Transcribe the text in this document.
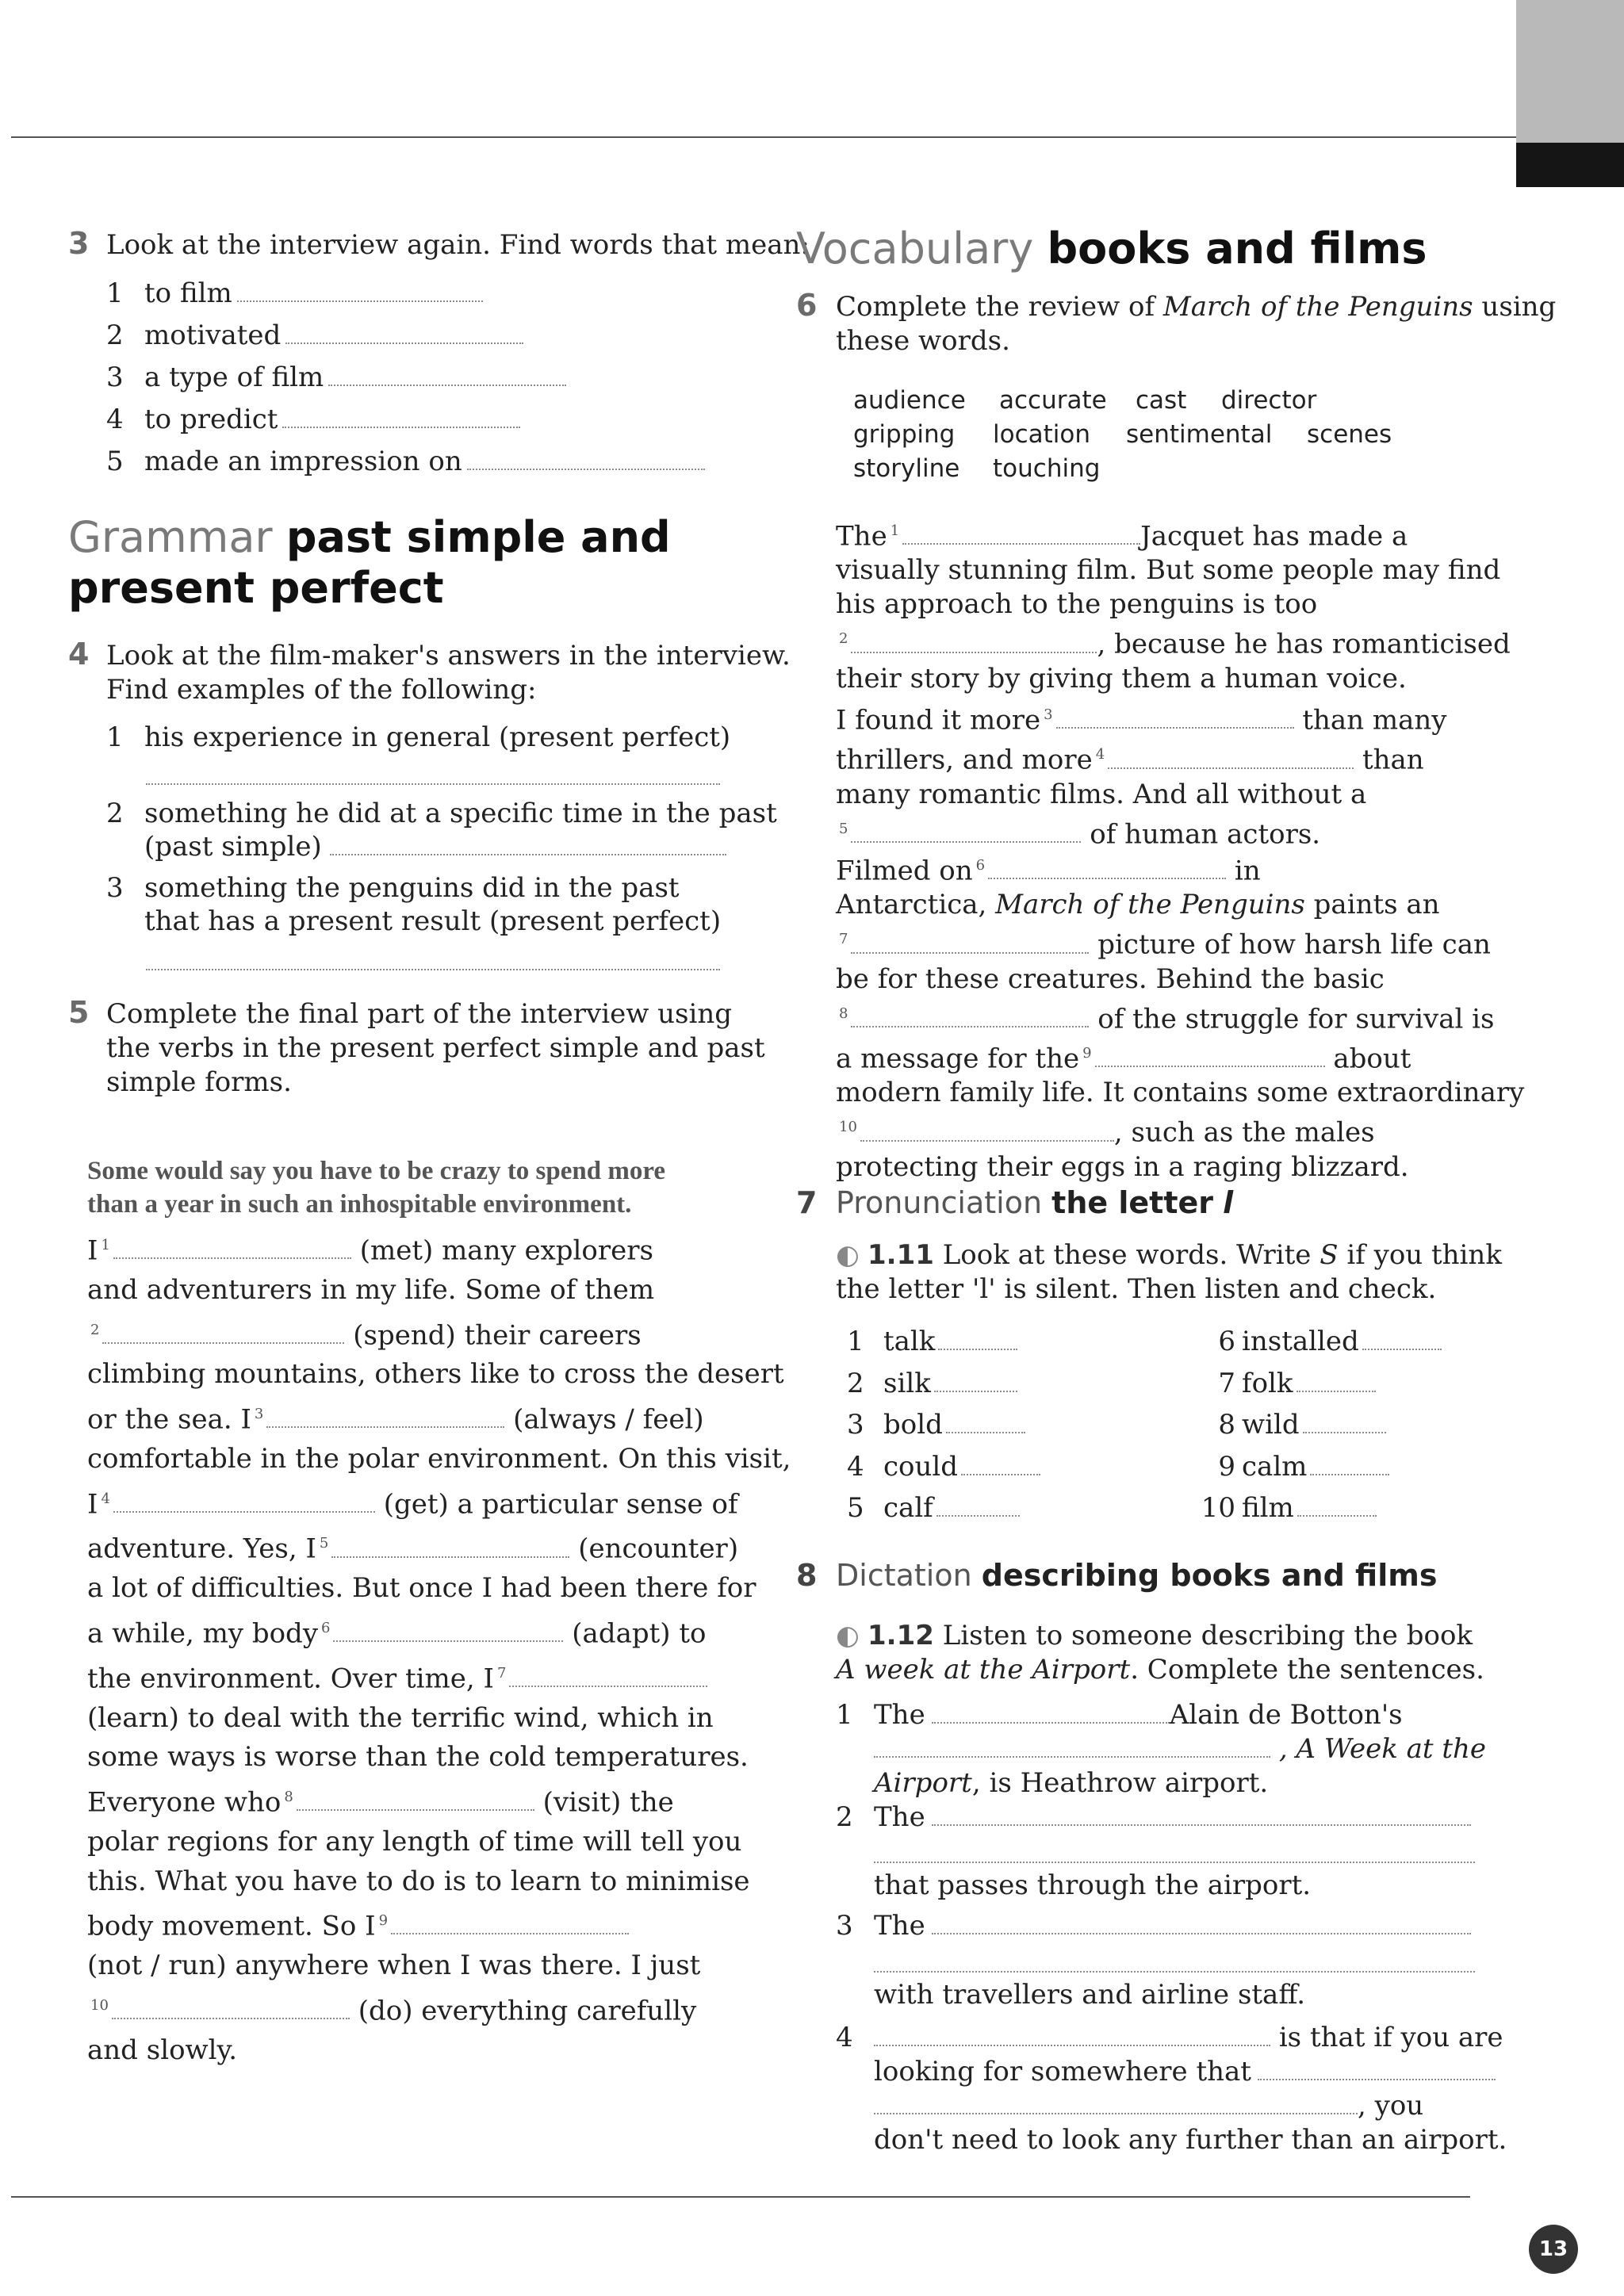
13
3 Look at the interview again. Find words that mean:
1 to film
2 motivated
3 a type of film
4 to predict
5 made an impression on
Grammar past simple and
present perfect
4 Look at the film-maker's answers in the interview.
Find examples of the following:
1 his experience in general (present perfect)
2 something he did at a specific time in the past
(past simple)
3 something the penguins did in the past
that has a present result (present perfect)
5 Complete the final part of the interview using
the verbs in the present perfect simple and past
simple forms.
Some would say you have to be crazy to spend more
than a year in such an inhospitable environment.
I $^1$	(met) many explorers
and adventurers in my life. Some of them
$^2$	(spend) their careers
climbing mountains, others like to cross the desert
or the sea. I $^3$	(always / feel)
comfortable in the polar environment. On this visit,
I $^4$	(get) a particular sense of
adventure. Yes, I $^5$	(encounter)
a lot of difficulties. But once I had been there for
a while, my body $^6$	(adapt) to
the environment. Over time, I $^7$
(learn) to deal with the terrific wind, which in
some ways is worse than the cold temperatures.
Everyone who $^8$	(visit) the
polar regions for any length of time will tell you
this. What you have to do is to learn to minimise
body movement. So I $^9$
(not / run) anywhere when I was there. I just
$^{10}$	(do) everything carefully
and slowly.
Vocabulary books and films
6 Complete the review of March of the Penguins using
these words.
audience accurate cast director
gripping location sentimental scenes
storyline touching
The $^1$	Jacquet has made a
visually stunning film. But some people may find
his approach to the penguins is too
$^2$	, because he has romanticised
their story by giving them a human voice.
I found it more $^3$	than many
thrillers, and more $^4$	than
many romantic films. And all without a
$^5$	of human actors.
Filmed on $^6$	in
Antarctica, March of the Penguins paints an
$^7$	picture of how harsh life can
be for these creatures. Behind the basic
$^8$	of the struggle for survival is
a message for the $^9$	about
modern family life. It contains some extraordinary
$^{10}$	, such as the males
protecting their eggs in a raging blizzard.
7 Pronunciation the letter l
◐ 1.11 Look at these words. Write S if you think
the letter 'l' is silent. Then listen and check.
1 talk
2 silk
3 bold
4 could
5 calf
6 installed
7 folk
8 wild
9 calm
10 film
8 Dictation describing books and films
◐ 1.12 Listen to someone describing the book
A week at the Airport. Complete the sentences.
1 The	Alain de Botton's
, A Week at the
Airport, is Heathrow airport.
2 The
that passes through the airport.
3 The
with travellers and airline staff.
4	is that if you are
looking for somewhere that
, you
don't need to look any further than an airport.
